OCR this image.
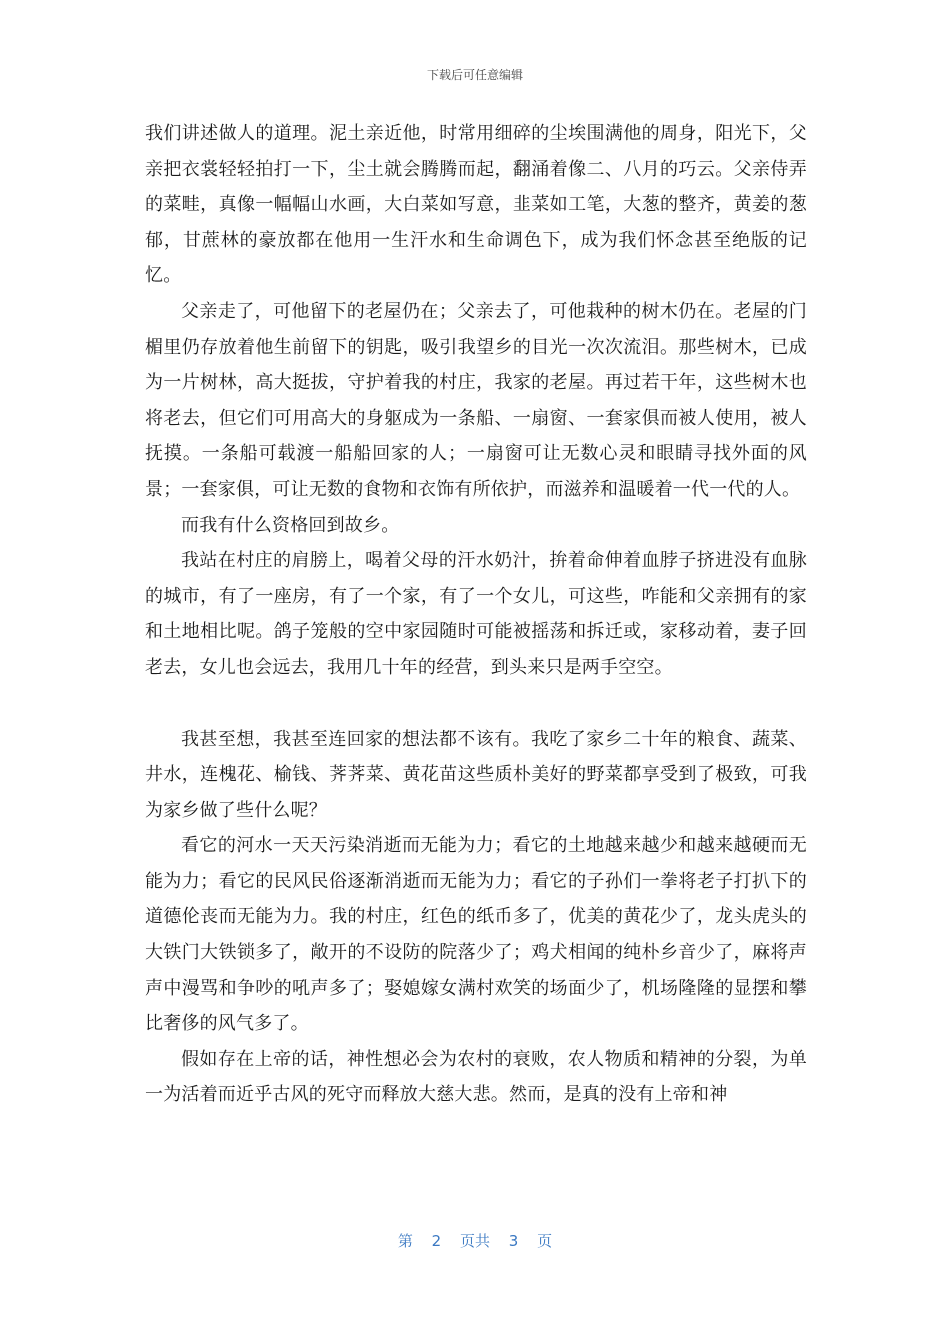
下载后可任意编辑

我们讲述做人的道理。泥土亲近他，时常用细碎的尘埃围满他的周身，阳光下，父亲把衣裳轻轻拍打一下，尘土就会腾腾而起，翻涌着像二、八月的巧云。父亲侍弄的菜畦，真像一幅幅山水画，大白菜如写意，韭菜如工笔，大葱的整齐，黄姜的葱郁，甘蔗林的豪放都在他用一生汗水和生命调色下，成为我们怀念甚至绝版的记忆。

父亲走了，可他留下的老屋仍在；父亲去了，可他栽种的树木仍在。老屋的门楣里仍存放着他生前留下的钥匙，吸引我望乡的目光一次次流泪。那些树木，已成为一片树林，高大挺拔，守护着我的村庄，我家的老屋。再过若干年，这些树木也将老去，但它们可用高大的身躯成为一条船、一扇窗、一套家俱而被人使用，被人抚摸。一条船可载渡一船船回家的人；一扇窗可让无数心灵和眼睛寻找外面的风景；一套家俱，可让无数的食物和衣饰有所依护，而滋养和温暖着一代一代的人。

而我有什么资格回到故乡。

我站在村庄的肩膀上，喝着父母的汗水奶汁，拚着命伸着血脖子挤进没有血脉的城市，有了一座房，有了一个家，有了一个女儿，可这些，咋能和父亲拥有的家和土地相比呢。鸽子笼般的空中家园随时可能被摇荡和拆迁或，家移动着，妻子回老去，女儿也会远去，我用几十年的经营，到头来只是两手空空。

我甚至想，我甚至连回家的想法都不该有。我吃了家乡二十年的粮食、蔬菜、井水，连槐花、榆钱、荠荠菜、黄花苗这些质朴美好的野菜都享受到了极致，可我为家乡做了些什么呢？

看它的河水一天天污染消逝而无能为力；看它的土地越来越少和越来越硬而无能为力；看它的民风民俗逐渐消逝而无能为力；看它的子孙们一拳将老子打扒下的道德伦丧而无能为力。我的村庄，红色的纸币多了，优美的黄花少了，龙头虎头的大铁门大铁锁多了，敞开的不设防的院落少了；鸡犬相闻的纯朴乡音少了，麻将声声中漫骂和争吵的吼声多了；娶媳嫁女满村欢笑的场面少了，机场隆隆的显摆和攀比奢侈的风气多了。

假如存在上帝的话，神性想必会为农村的衰败，农人物质和精神的分裂，为单一为活着而近乎古风的死守而释放大慈大悲。然而，是真的没有上帝和神

第 2 页共 3 页
